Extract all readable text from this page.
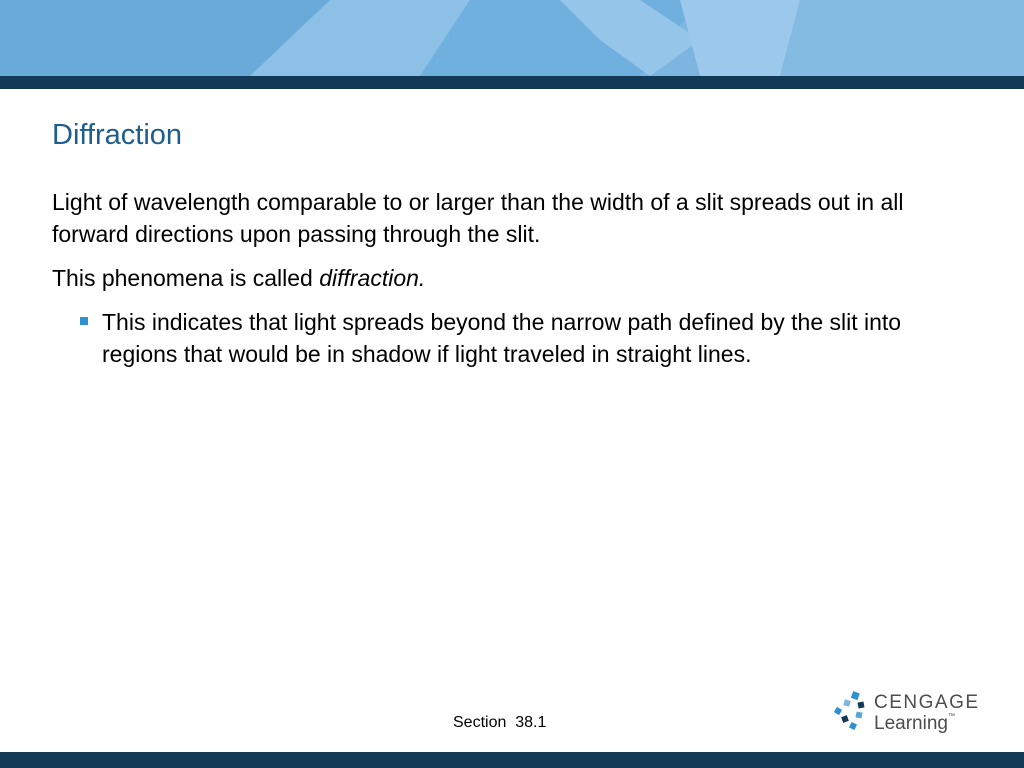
Diffraction

Light of wavelength comparable to or larger than the width of a slit spreads out in all forward directions upon passing through the slit.

This phenomena is called diffraction.

This indicates that light spreads beyond the narrow path defined by the slit into regions that would be in shadow if light traveled in straight lines.

Section  38.1
CENGAGE
Learning™
